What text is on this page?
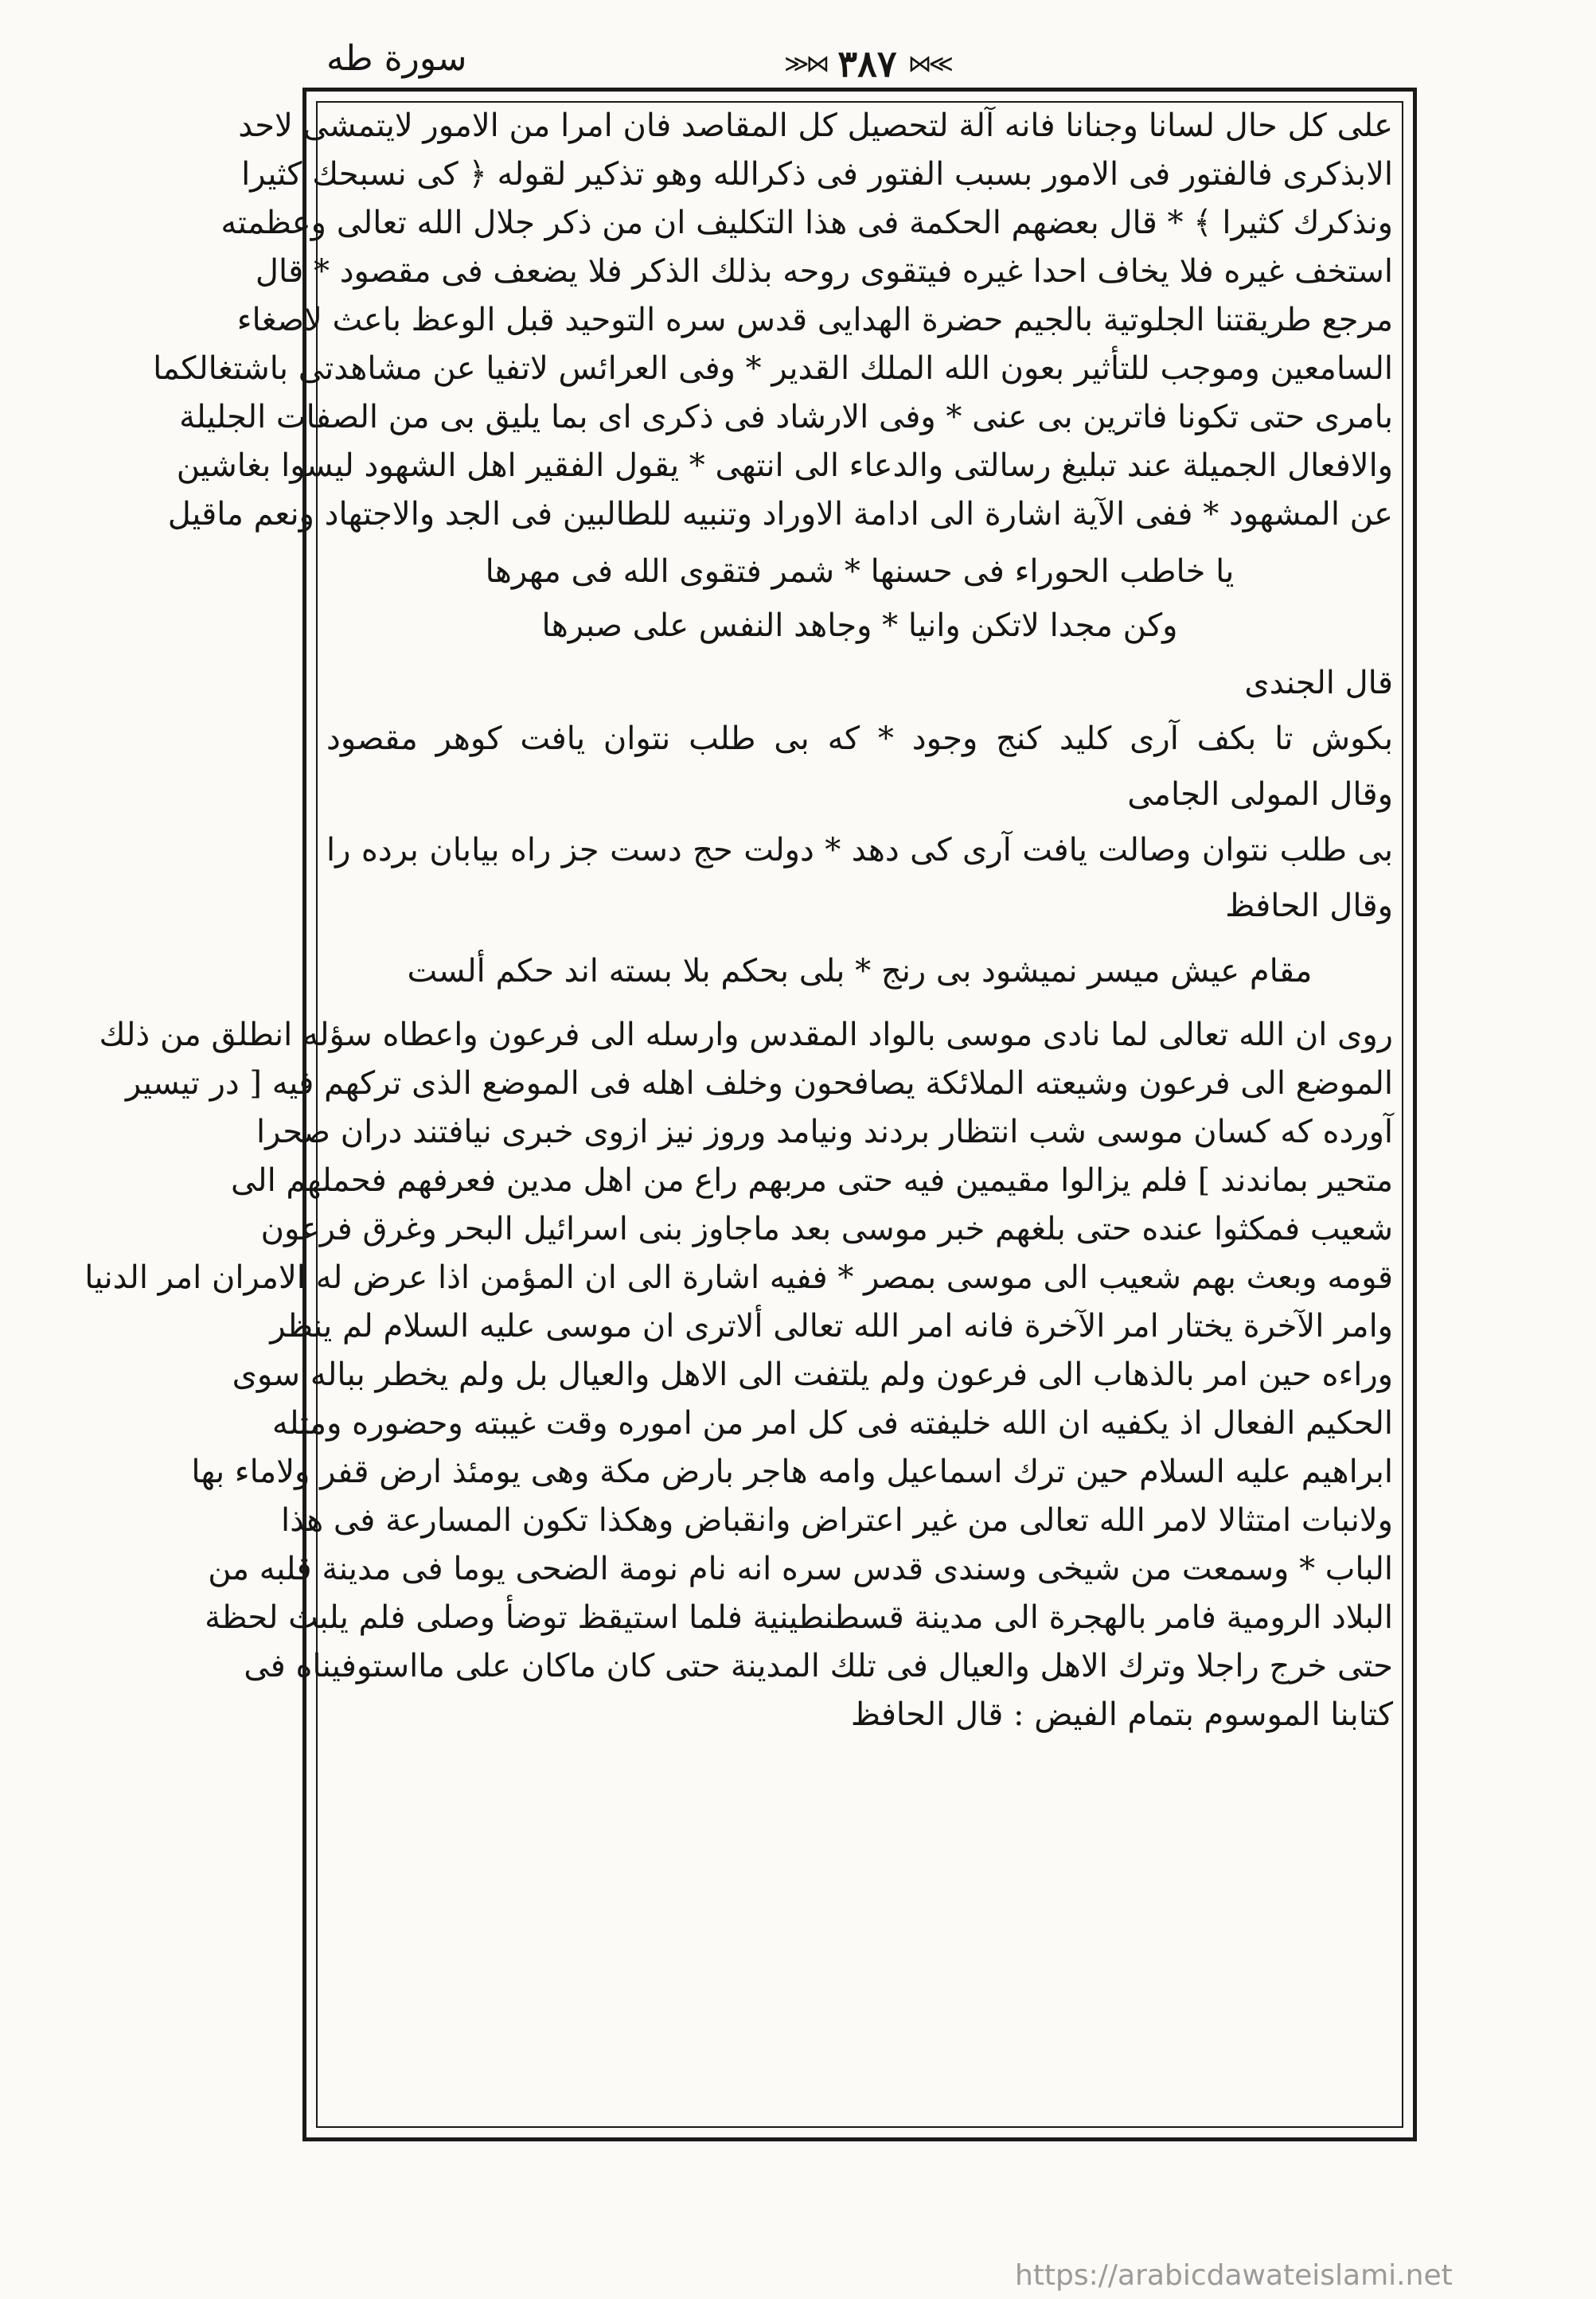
سورة طه	≫⋈ ٣٨٧ ⋈≪
على كل حال لسانا وجنانا فانه آلة لتحصيل كل المقاصد فان امرا من الامور لايتمشى لاحد
الابذكرى فالفتور فى الامور بسبب الفتور فى ذكرالله وهو تذكير لقوله ﴿ كى نسبحك كثيرا
ونذكرك كثيرا ﴾ * قال بعضهم الحكمة فى هذا التكليف ان من ذكر جلال الله تعالى وعظمته
استخف غيره فلا يخاف احدا غيره فيتقوى روحه بذلك الذكر فلا يضعف فى مقصود * قال
مرجع طريقتنا الجلوتية بالجيم حضرة الهدايى قدس سره التوحيد قبل الوعظ باعث لاصغاء
السامعين وموجب للتأثير بعون الله الملك القدير * وفى العرائس لاتفيا عن مشاهدتى باشتغالكما
بامرى حتى تكونا فاترين بى عنى * وفى الارشاد فى ذكرى اى بما يليق بى من الصفات الجليلة
والافعال الجميلة عند تبليغ رسالتى والدعاء الى انتهى * يقول الفقير اهل الشهود ليسوا بغاشين
عن المشهود * ففى الآية اشارة الى ادامة الاوراد وتنبيه للطالبين فى الجد والاجتهاد ونعم ماقيل
يا خاطب الحوراء فى حسنها * شمر فتقوى الله فى مهرها
وكن مجدا لاتكن وانيا * وجاهد النفس على صبرها
قال الجندى
بكوش تا بكف آرى كليد كنج وجود * كه بى طلب نتوان يافت كوهر مقصود
وقال المولى الجامى
بى طلب نتوان وصالت يافت آرى كى دهد * دولت حج دست جز راه بيابان برده را
وقال الحافظ
مقام عيش ميسر نميشود بى رنج * بلى بحكم بلا بسته اند حكم ألست
روى ان الله تعالى لما نادى موسى بالواد المقدس وارسله الى فرعون واعطاه سؤله انطلق من ذلك
الموضع الى فرعون وشيعته الملائكة يصافحون وخلف اهله فى الموضع الذى تركهم فيه [ در تيسير
آورده كه كسان موسى شب انتظار بردند ونيامد وروز نيز ازوى خبرى نيافتند دران صحرا
متحير بماندند ] فلم يزالوا مقيمين فيه حتى مربهم راع من اهل مدين فعرفهم فحملهم الى
شعيب فمكثوا عنده حتى بلغهم خبر موسى بعد ماجاوز بنى اسرائيل البحر وغرق فرعون
قومه وبعث بهم شعيب الى موسى بمصر * ففيه اشارة الى ان المؤمن اذا عرض له الامران امر الدنيا
وامر الآخرة يختار امر الآخرة فانه امر الله تعالى ألاترى ان موسى عليه السلام لم ينظر
وراءه حين امر بالذهاب الى فرعون ولم يلتفت الى الاهل والعيال بل ولم يخطر بباله سوى
الحكيم الفعال اذ يكفيه ان الله خليفته فى كل امر من اموره وقت غيبته وحضوره ومثله
ابراهيم عليه السلام حين ترك اسماعيل وامه هاجر بارض مكة وهى يومئذ ارض قفر ولاماء بها
ولانبات امتثالا لامر الله تعالى من غير اعتراض وانقباض وهكذا تكون المسارعة فى هذا
الباب * وسمعت من شيخى وسندى قدس سره انه نام نومة الضحى يوما فى مدينة قلبه من
البلاد الرومية فامر بالهجرة الى مدينة قسطنطينية فلما استيقظ توضأ وصلى فلم يلبث لحظة
حتى خرج راجلا وترك الاهل والعيال فى تلك المدينة حتى كان ماكان على مااستوفيناه فى
كتابنا الموسوم بتمام الفيض : قال الحافظ
https://arabicdawateislami.net
